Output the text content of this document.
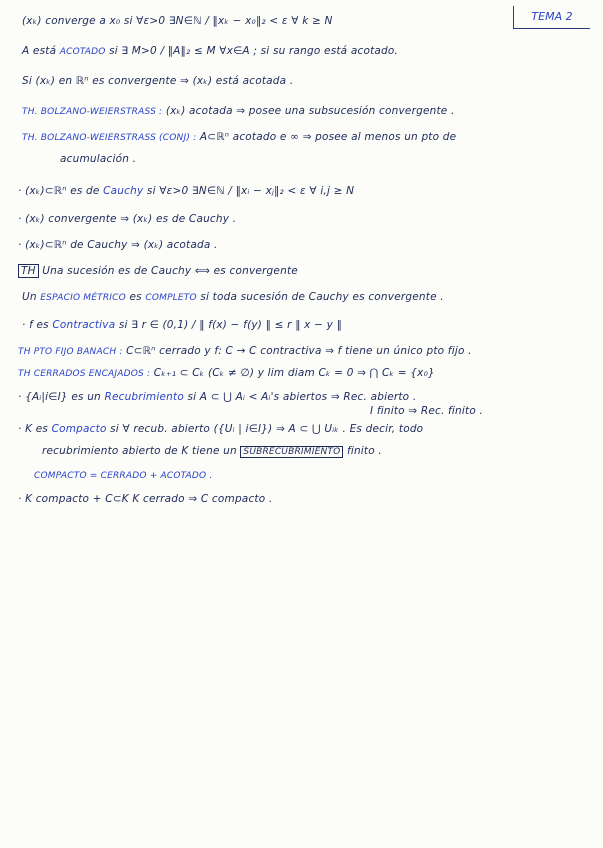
TEMA 2
(xₖ) converge a x₀ si ∀ε>0 ∃N∈ℕ / ‖xₖ − x₀‖₂ < ε ∀ k ≥ N
A está ACOTADO si ∃ M>0 / ‖A‖₂ ≤ M ∀x∈A ; si su rango está acotado.
Si (xₖ) en ℝⁿ es convergente ⇒ (xₖ) está acotada .
TH. BOLZANO-WEIERSTRASS : (xₖ) acotada ⇒ posee una subsucesión convergente .
TH. BOLZANO-WEIERSTRASS (CONJ) : A⊂ℝⁿ acotado e ∞ ⇒ posee al menos un pto de
acumulación .
· (xₖ)⊂ℝⁿ es de Cauchy si ∀ε>0 ∃N∈ℕ / ‖xᵢ − xⱼ‖₂ < ε ∀ i,j ≥ N
· (xₖ) convergente ⇒ (xₖ) es de Cauchy .
· (xₖ)⊂ℝⁿ de Cauchy ⇒ (xₖ) acotada .
TH Una sucesión es de Cauchy ⟺ es convergente
Un ESPACIO MÉTRICO es COMPLETO si toda sucesión de Cauchy es convergente .
· f es Contractiva si ∃ r ∈ (0,1) / ‖ f(x) − f(y) ‖ ≤ r ‖ x − y ‖
TH PTO FIJO BANACH : C⊂ℝⁿ cerrado y f: C → C contractiva ⇒ f tiene un único pto fijo .
TH CERRADOS ENCAJADOS : Cₖ₊₁ ⊂ Cₖ (Cₖ ≠ ∅) y lim diam Cₖ = 0 ⇒ ⋂ Cₖ = {x₀}
· {Aᵢ|i∈I} es un Recubrimiento si A ⊂ ⋃ Aᵢ < Aᵢ's abiertos ⇒ Rec. abierto .
I finito ⇒ Rec. finito .
· K es Compacto si ∀ recub. abierto ({Uᵢ | i∈I}) ⇒ A ⊂ ⋃ Uᵢₖ . Es decir, todo
recubrimiento abierto de K tiene un SUBRECUBRIMIENTO finito .
COMPACTO = CERRADO + ACOTADO .
· K compacto + C⊂K K cerrado ⇒ C compacto .
